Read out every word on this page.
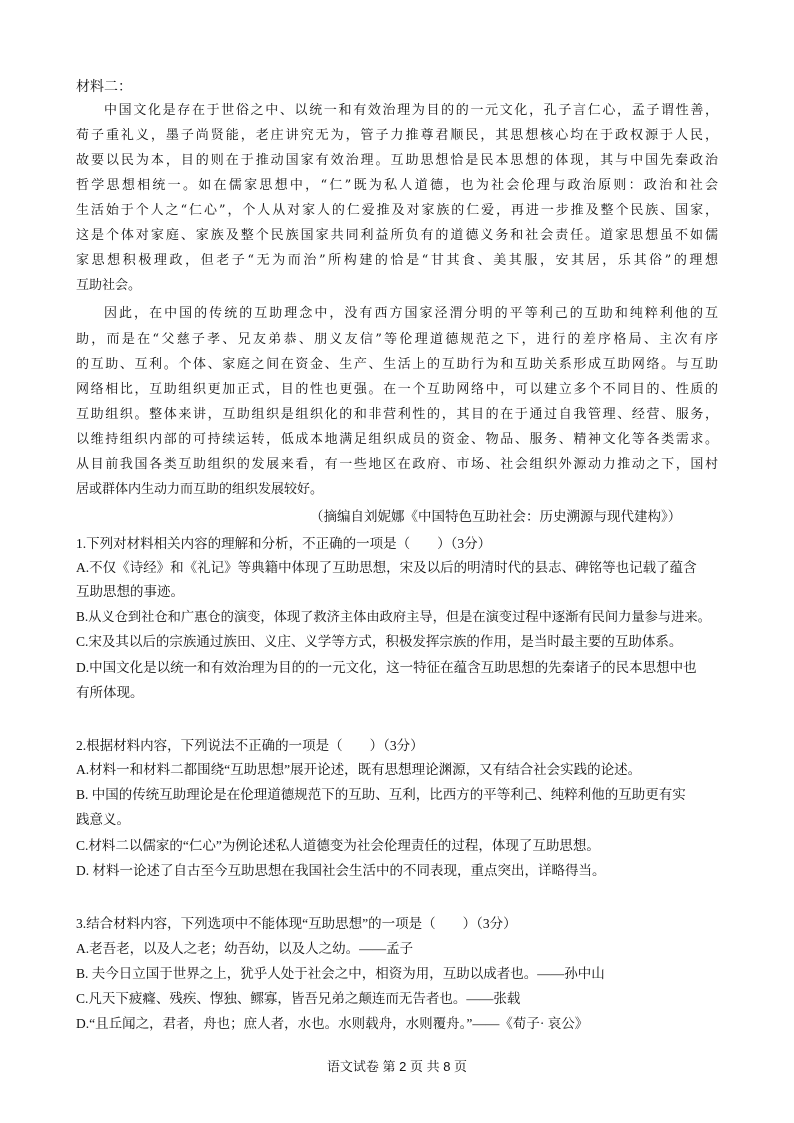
材料二：
中国文化是存在于世俗之中、以统一和有效治理为目的的一元文化，孔子言仁心，孟子谓性善，
荀子重礼义，墨子尚贤能，老庄讲究无为，管子力推尊君顺民，其思想核心均在于政权源于人民，
故要以民为本，目的则在于推动国家有效治理。互助思想恰是民本思想的体现，其与中国先秦政治
哲学思想相统一。如在儒家思想中，“仁”既为私人道德，也为社会伦理与政治原则：政治和社会
生活始于个人之“仁心”，个人从对家人的仁爱推及对家族的仁爱，再进一步推及整个民族、国家，
这是个体对家庭、家族及整个民族国家共同利益所负有的道德义务和社会责任。道家思想虽不如儒
家思想积极理政，但老子“无为而治”所构建的恰是“甘其食、美其服，安其居，乐其俗”的理想
互助社会。
因此，在中国的传统的互助理念中，没有西方国家泾渭分明的平等利己的互助和纯粹利他的互
助，而是在“父慈子孝、兄友弟恭、朋义友信”等伦理道德规范之下，进行的差序格局、主次有序
的互助、互利。个体、家庭之间在资金、生产、生活上的互助行为和互助关系形成互助网络。与互助
网络相比，互助组织更加正式，目的性也更强。在一个互助网络中，可以建立多个不同目的、性质的
互助组织。整体来讲，互助组织是组织化的和非营利性的，其目的在于通过自我管理、经营、服务，
以维持组织内部的可持续运转，低成本地满足组织成员的资金、物品、服务、精神文化等各类需求。
从目前我国各类互助组织的发展来看，有一些地区在政府、市场、社会组织外源动力推动之下，国村
居或群体内生动力而互助的组织发展较好。
（摘编自刘妮娜《中国特色互助社会：历史溯源与现代建构》）
1.下列对材料相关内容的理解和分析，不正确的一项是（　　）（3分）
A.不仅《诗经》和《礼记》等典籍中体现了互助思想，宋及以后的明清时代的县志、碑铭等也记载了蕴含
互助思想的事迹。
B.从义仓到社仓和广惠仓的演变，体现了救济主体由政府主导，但是在演变过程中逐渐有民间力量参与进来。
C.宋及其以后的宗族通过族田、义庄、义学等方式，积极发挥宗族的作用，是当时最主要的互助体系。
D.中国文化是以统一和有效治理为目的的一元文化，这一特征在蕴含互助思想的先秦诸子的民本思想中也
有所体现。
2.根据材料内容，下列说法不正确的一项是（　　）（3分）
A.材料一和材料二都围绕“互助思想”展开论述，既有思想理论渊源，又有结合社会实践的论述。
B. 中国的传统互助理论是在伦理道德规范下的互助、互利，比西方的平等利己、纯粹利他的互助更有实
践意义。
C.材料二以儒家的“仁心”为例论述私人道德变为社会伦理责任的过程，体现了互助思想。
D. 材料一论述了自古至今互助思想在我国社会生活中的不同表现，重点突出，详略得当。
3.结合材料内容，下列选项中不能体现“互助思想”的一项是（　　）（3分）
A.老吾老，以及人之老；幼吾幼，以及人之幼。——孟子
B. 夫今日立国于世界之上，犹乎人处于社会之中，相资为用，互助以成者也。——孙中山
C.凡天下疲癃、残疾、惸独、鳏寡，皆吾兄弟之颠连而无告者也。——张载
D.“且丘闻之，君者，舟也；庶人者，水也。水则载舟，水则覆舟。”——《荀子· 哀公》
语文试卷 第 2 页 共 8 页
